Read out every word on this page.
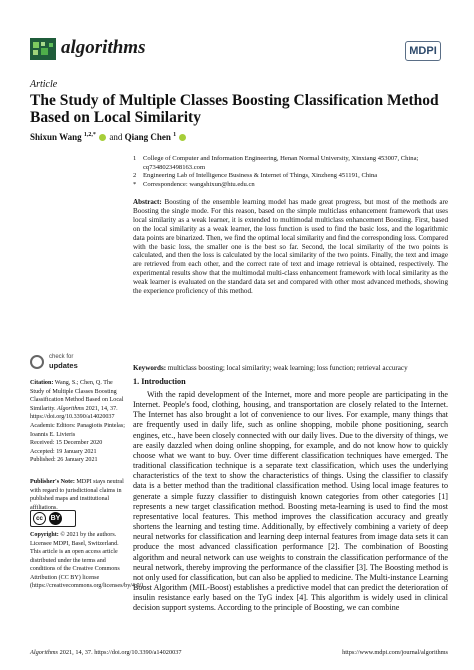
algorithms	MDPI
Article
The Study of Multiple Classes Boosting Classification Method Based on Local Similarity
Shixun Wang $^{1,2,*}$ and Qiang Chen $^1$
1	College of Computer and Information Engineering, Henan Normal University, Xinxiang 453007, China; cq7348023498163.com
2	Engineering Lab of Intelligence Business & Internet of Things, Xinzheng 451191, China
*	Correspondence: wangshixun@htu.edu.cn
Abstract: Boosting of the ensemble learning model has made great progress, but most of the methods are Boosting the single mode. For this reason, based on the simple multiclass enhancement framework that uses local similarity as a weak learner, it is extended to multimodal multiclass enhancement Boosting. First, based on the local similarity as a weak learner, the loss function is used to find the basic loss, and the logarithmic data points are binarized. Then, we find the optimal local similarity and find the corresponding loss. Compared with the basic loss, the smaller one is the best so far. Second, the local similarity of the two points is calculated, and then the loss is calculated by the local similarity of the two points. Finally, the text and image are retrieved from each other, and the correct rate of text and image retrieval is obtained, respectively. The experimental results show that the multimodal multi-class enhancement framework with local similarity as the weak learner is evaluated on the standard data set and compared with other most advanced methods, showing the experience proficiency of this method.
Keywords: multiclass boosting; local similarity; weak learning; loss function; retrieval accuracy
check for
updates
Citation: Wang, S.; Chen, Q. The Study of Multiple Classes Boosting Classification Method Based on Local Similarity. Algorithms 2021, 14, 37. https://doi.org/10.3390/a14020037
Academic Editors: Panagiotis Pintelas; Ioannis E. Livieris
Received: 15 December 2020
Accepted: 19 January 2021
Published: 26 January 2021
Publisher's Note: MDPI stays neutral with regard to jurisdictional claims in published maps and institutional affiliations.
cc	BY
Copyright: © 2021 by the authors. Licensee MDPI, Basel, Switzerland. This article is an open access article distributed under the terms and conditions of the Creative Commons Attribution (CC BY) license (https://creativecommons.org/licenses/by/4.0/).
1. Introduction
With the rapid development of the Internet, more and more people are participating in the Internet. People's food, clothing, housing, and transportation are closely related to the Internet. The Internet has also brought a lot of convenience to our lives. For example, many things that are frequently used in daily life, such as online shopping, mobile phone positioning, search engines, etc., have been closely connected with our daily lives. Due to the diversity of things, we are easily dazzled when doing online shopping, for example, and do not know how to quickly choose what we want to buy. Over time different classification techniques have emerged. The traditional classification technique is a separate text classification, which uses the underlying characteristics of the text to show the characteristics of things. Using the classifier to classify data is a better method than the traditional classification method. Using local image features to generate a simple fuzzy classifier to distinguish known categories from other categories [1] represents a new target classification method. Boosting meta-learning is used to find the most representative local features. This method improves the classification accuracy and greatly shortens the learning and testing time. Additionally, by effectively combining a variety of deep neural networks for classification and learning deep internal features from image data sets it can produce the most advanced classification performance [2]. The combination of Boosting algorithm and neural network can use weights to constrain the classification performance of the neural network, thereby improving the performance of the classifier [3]. The Boosting method is not only used for classification, but can also be applied to medicine. The Multi-instance Learning Boost Algorithm (MIL-Boost) establishes a predictive model that can predict the deterioration of insulin resistance early based on the TyG index [4]. This algorithm is widely used in clinical decision support systems. According to the principle of Boosting, we can combine
Algorithms 2021, 14, 37. https://doi.org/10.3390/a14020037	https://www.mdpi.com/journal/algorithms
